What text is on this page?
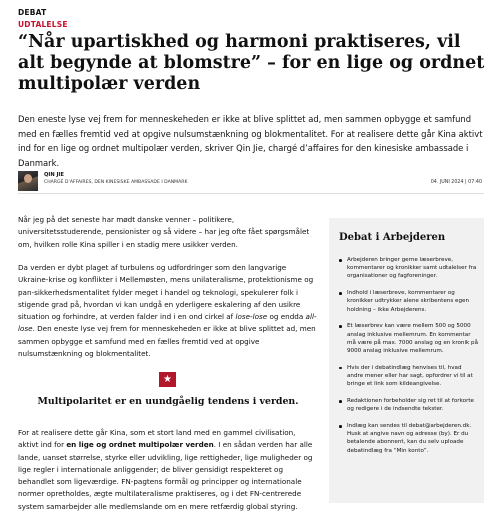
DEBAT
UDTALELSE
“Når upartiskhed og harmoni praktiseres, vil alt begynde at blomstre” – for en lige og ordnet multipolær verden

Den eneste lyse vej frem for menneskeheden er ikke at blive splittet ad, men sammen opbygge et samfund med en fælles fremtid ved at opgive nulsumstænkning og blokmentalitet. For at realisere dette går Kina aktivt ind for en lige og ordnet multipolær verden, skriver Qin Jie, chargé d’affaires for den kinesiske ambassade i Danmark.

QIN JIE
CHARGÉ D’AFFAIRES, DEN KINESISKE AMBASSADE I DANMARK	04. JUNI 2024 | 07:40

Når jeg på det seneste har mødt danske venner – politikere, universitetsstuderende, pensionister og så videre – har jeg ofte fået spørgsmålet om, hvilken rolle Kina spiller i en stadig mere usikker verden.

Da verden er dybt plaget af turbulens og udfordringer som den langvarige Ukraine-krise og konflikter i Mellemøsten, mens unilateralisme, protektionisme og pan-sikkerhedsmentalitet fylder meget i handel og teknologi, spekulerer folk i stigende grad på, hvordan vi kan undgå en yderligere eskalering af den usikre situation og forhindre, at verden falder ind i en ond cirkel af lose-lose og endda all-lose. Den eneste lyse vej frem for menneskeheden er ikke at blive splittet ad, men sammen opbygge et samfund med en fælles fremtid ved at opgive nulsumstænkning og blokmentalitet.

★
Multipolaritet er en uundgåelig tendens i verden.

For at realisere dette går Kina, som et stort land med en gammel civilisation, aktivt ind for en lige og ordnet multipolær verden. I en sådan verden har alle lande, uanset størrelse, styrke eller udvikling, lige rettigheder, lige muligheder og lige regler i internationale anliggender; de bliver gensidigt respekteret og behandlet som ligeværdige. FN-pagtens formål og principper og internationale normer opretholdes, ægte multilateralisme praktiseres, og i det FN-centrerede system samarbejder alle medlemslande om en mere retfærdig global styring.

Debat i Arbejderen
Arbejderen bringer gerne læserbreve, kommentarer og kronikker samt udtalelser fra organisationer og fagforeninger.
Indhold i læserbreve, kommentarer og kronikker udtrykker alene skribentens egen holdning – ikke Arbejderens.
Et læserbrev kan være mellem 500 og 5000 anslag inklusive mellemrum. En kommentar må være på max. 7000 anslag og en kronik på 9000 anslag inklusive mellemrum.
Hvis der i debatindlæg henvises til, hvad andre mener eller har sagt, opfordrer vi til at bringe et link som kildeangivelse.
Redaktionen forbeholder sig ret til at forkorte og redigere i de indsendte tekster.
Indlæg kan sendes til debat@arbejderen.dk. Husk at angive navn og adresse (by). Er du betalende abonnent, kan du selv uploade debatindlæg fra “Min konto”.
